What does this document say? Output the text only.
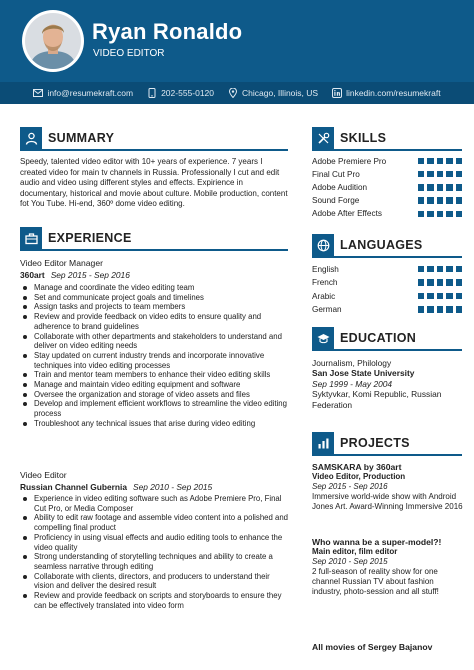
Ryan Ronaldo
VIDEO EDITOR
info@resumekraft.com	202-555-0120	Chicago, Illinois, US	linkedin.com/resumekraft
SUMMARY
Speedy, talented video editor with 10+ years of experience. 7 years I created video for main tv channels in Russia. Professionally I cut and edit audio and video using different styles and effects. Expirience in documentary, historical and movie about culture. Mobile production, content fot You Tube. Hi-end, 360º dome video editing.
EXPERIENCE
Video Editor Manager
360art Sep 2015 - Sep 2016
Manage and coordinate the video editing team
Set and communicate project goals and timelines
Assign tasks and projects to team members
Review and provide feedback on video edits to ensure quality and adherence to brand guidelines
Collaborate with other departments and stakeholders to understand and deliver on video editing needs
Stay updated on current industry trends and incorporate innovative techniques into video editing processes
Train and mentor team members to enhance their video editing skills
Manage and maintain video editing equipment and software
Oversee the organization and storage of video assets and files
Develop and implement efficient workflows to streamline the video editing process
Troubleshoot any technical issues that arise during video editing
Video Editor
Russian Channel Gubernia Sep 2010 - Sep 2015
Experience in video editing software such as Adobe Premiere Pro, Final Cut Pro, or Media Composer
Ability to edit raw footage and assemble video content into a polished and compelling final product
Proficiency in using visual effects and audio editing tools to enhance the video quality
Strong understanding of storytelling techniques and ability to create a seamless narrative through editing
Collaborate with clients, directors, and producers to understand their vision and deliver the desired result
Review and provide feedback on scripts and storyboards to ensure they can be effectively translated into video form
SKILLS
Adobe Premiere Pro
Final Cut Pro
Adobe Audition
Sound Forge
Adobe After Effects
LANGUAGES
English
French
Arabic
German
EDUCATION
Journalism, Philology
San Jose State University
Sep 1999 - May 2004
Syktyvkar, Komi Republic, Russian Federation
PROJECTS
SAMSKARA by 360art
Video Editor, Production
Sep 2015 - Sep 2016
Immersive world-wide show with Android Jones Art. Award-Winning Immersive 2016
Who wanna be a super-model?!
Main editor, film editor
Sep 2010 - Sep 2015
2 full-season of reality show for one channel Russian TV about fashion industry, photo-session and all stuff!
All movies of Sergey Bajanov
